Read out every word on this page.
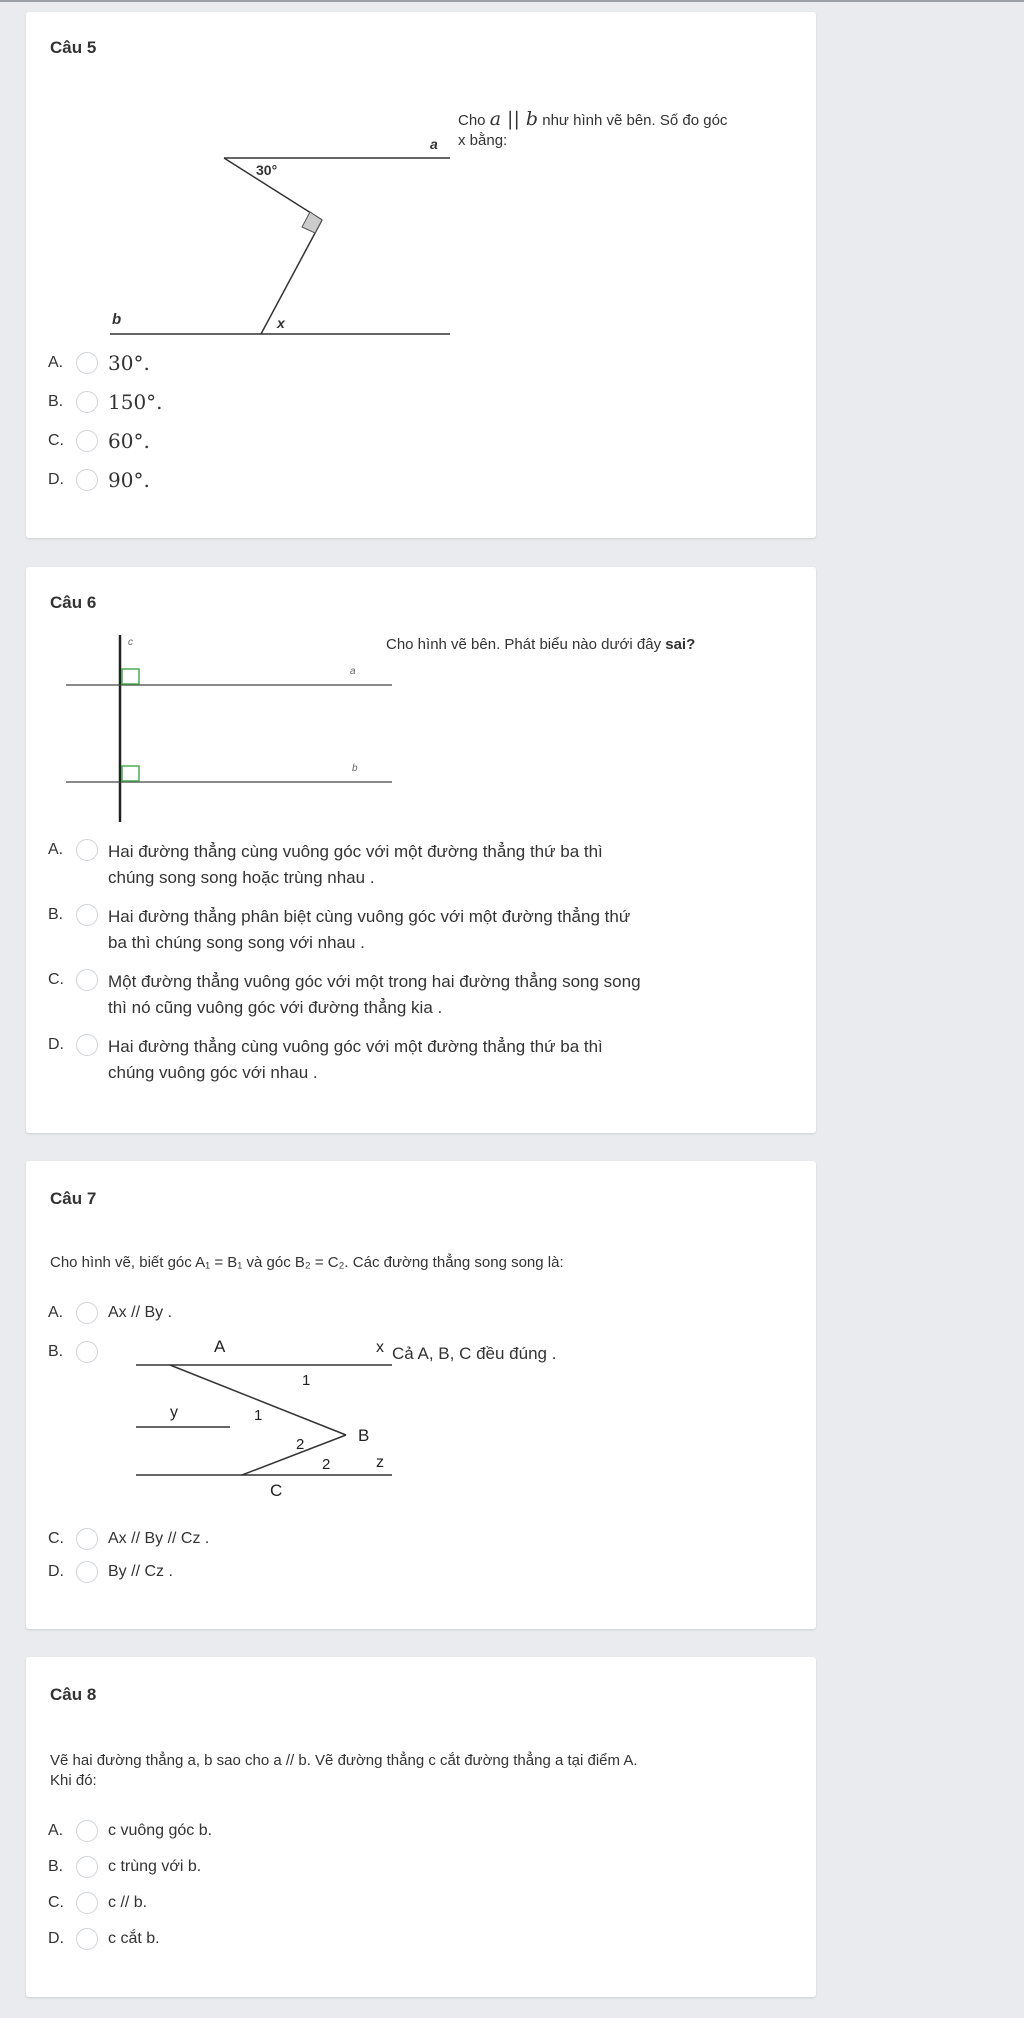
Câu 5
a
30°
b	x
Cho a || b như hình vẽ bên. Số đo góc
x bằng:
A.	30°.
B.	150°.
C.	60°.
D.	90°.
Câu 6
c
a
b
Cho hình vẽ bên. Phát biểu nào dưới đây sai?
A.	Hai đường thẳng cùng vuông góc với một đường thẳng thứ ba thì
chúng song song hoặc trùng nhau .
B.	Hai đường thẳng phân biệt cùng vuông góc với một đường thẳng thứ
ba thì chúng song song với nhau .
C.	Một đường thẳng vuông góc với một trong hai đường thẳng song song
thì nó cũng vuông góc với đường thẳng kia .
D.	Hai đường thẳng cùng vuông góc với một đường thẳng thứ ba thì
chúng vuông góc với nhau .
Câu 7
Cho hình vẽ, biết góc A₁ = B₁ và góc B₂ = C₂. Các đường thẳng song song là:
A.	Ax // By .
B.	A	x
1
y	1
B
2
2	z
C
Cả A, B, C đều đúng .
C.	Ax // By // Cz .
D.	By // Cz .
Câu 8
Vẽ hai đường thẳng a, b sao cho a // b. Vẽ đường thẳng c cắt đường thẳng a tại điểm A.
Khi đó:
A.	c vuông góc b.
B.	c trùng với b.
C.	c // b.
D.	c cắt b.
